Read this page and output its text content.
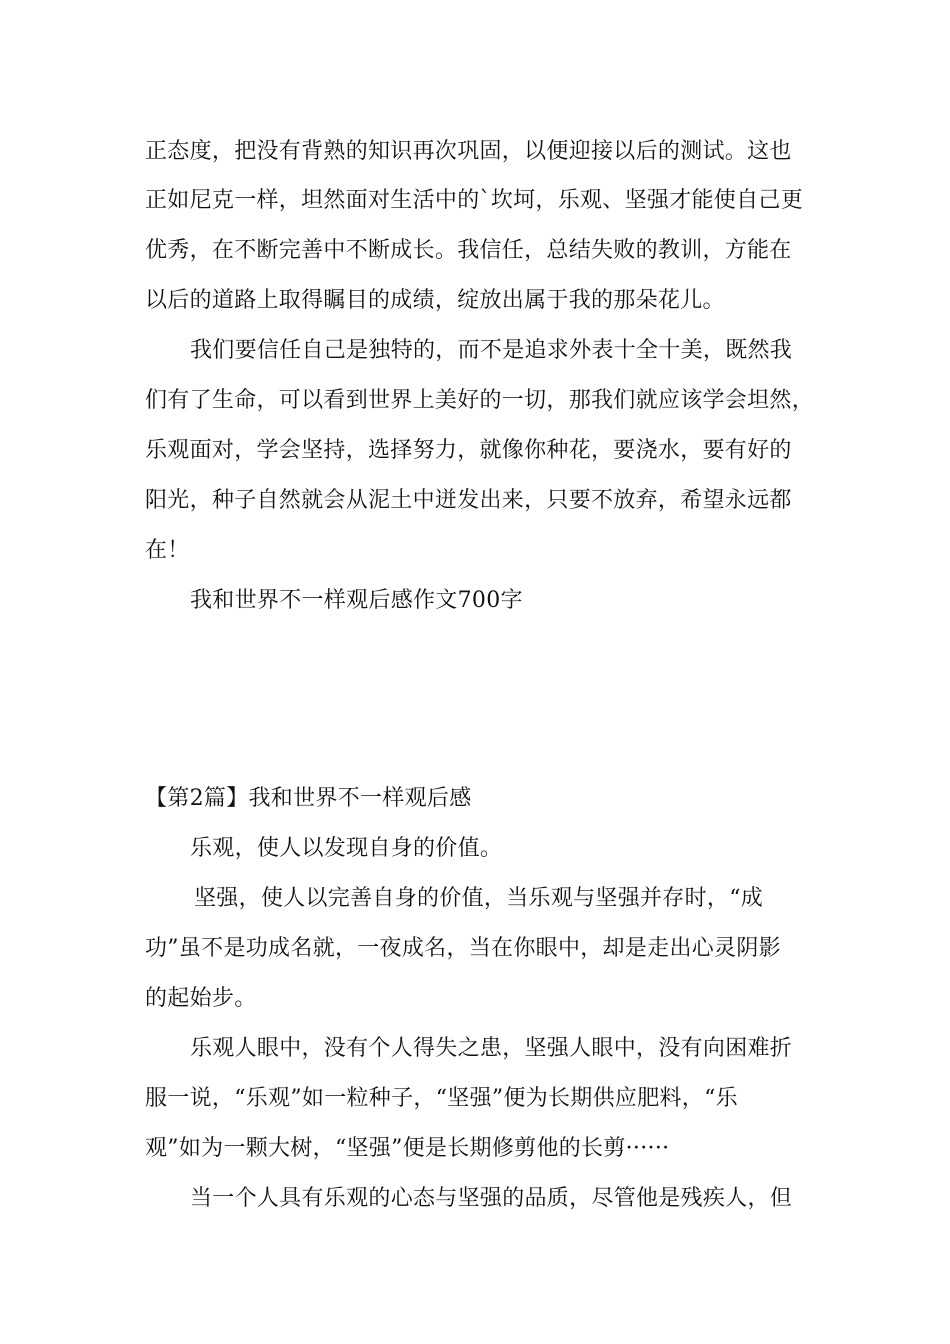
正态度，把没有背熟的知识再次巩固，以便迎接以后的测试。这也
正如尼克一样，坦然面对生活中的`坎坷，乐观、坚强才能使自己更
优秀，在不断完善中不断成长。我信任，总结失败的教训，方能在
以后的道路上取得瞩目的成绩，绽放出属于我的那朵花儿。
我们要信任自己是独特的，而不是追求外表十全十美，既然我
们有了生命，可以看到世界上美好的一切，那我们就应该学会坦然，
乐观面对，学会坚持，选择努力，就像你种花，要浇水，要有好的
阳光，种子自然就会从泥土中迸发出来，只要不放弃，希望永远都
在！
我和世界不一样观后感作文700字
【第2篇】我和世界不一样观后感
乐观，使人以发现自身的价值。
坚强，使人以完善自身的价值，当乐观与坚强并存时，“成
功”虽不是功成名就，一夜成名，当在你眼中，却是走出心灵阴影
的起始步。
乐观人眼中，没有个人得失之患，坚强人眼中，没有向困难折
服一说，“乐观”如一粒种子，“坚强”便为长期供应肥料，“乐
观”如为一颗大树，“坚强”便是长期修剪他的长剪······
当一个人具有乐观的心态与坚强的品质，尽管他是残疾人，但
